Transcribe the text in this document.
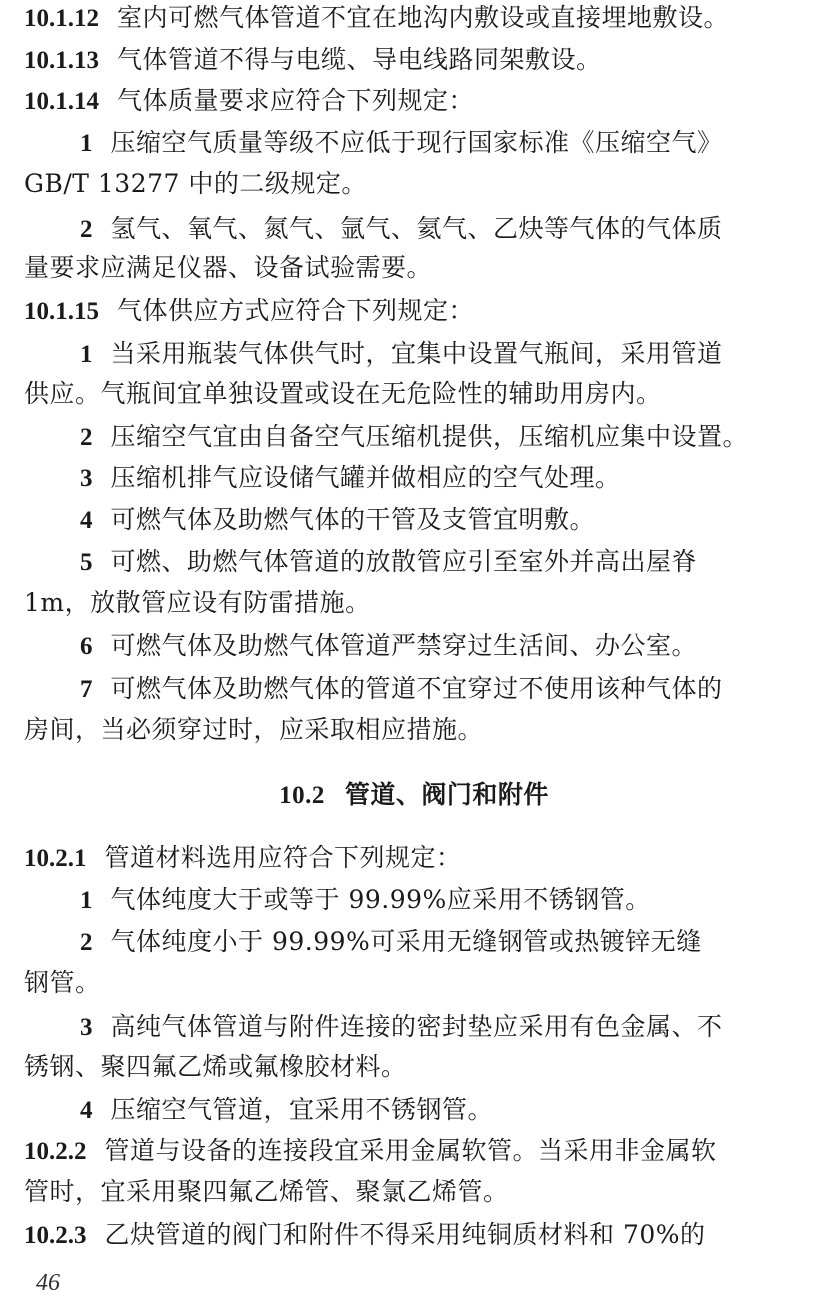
10.1.12 室内可燃气体管道不宜在地沟内敷设或直接埋地敷设。
10.1.13 气体管道不得与电缆、导电线路同架敷设。
10.1.14 气体质量要求应符合下列规定：
1 压缩空气质量等级不应低于现行国家标准《压缩空气》
GB/T 13277 中的二级规定。
2 氢气、氧气、氮气、氩气、氦气、乙炔等气体的气体质
量要求应满足仪器、设备试验需要。
10.1.15 气体供应方式应符合下列规定：
1 当采用瓶装气体供气时，宜集中设置气瓶间，采用管道
供应。气瓶间宜单独设置或设在无危险性的辅助用房内。
2 压缩空气宜由自备空气压缩机提供，压缩机应集中设置。
3 压缩机排气应设储气罐并做相应的空气处理。
4 可燃气体及助燃气体的干管及支管宜明敷。
5 可燃、助燃气体管道的放散管应引至室外并高出屋脊
1m，放散管应设有防雷措施。
6 可燃气体及助燃气体管道严禁穿过生活间、办公室。
7 可燃气体及助燃气体的管道不宜穿过不使用该种气体的
房间，当必须穿过时，应采取相应措施。
10.2 管道、阀门和附件
10.2.1 管道材料选用应符合下列规定：
1 气体纯度大于或等于 99.99%应采用不锈钢管。
2 气体纯度小于 99.99%可采用无缝钢管或热镀锌无缝
钢管。
3 高纯气体管道与附件连接的密封垫应采用有色金属、不
锈钢、聚四氟乙烯或氟橡胶材料。
4 压缩空气管道，宜采用不锈钢管。
10.2.2 管道与设备的连接段宜采用金属软管。当采用非金属软
管时，宜采用聚四氟乙烯管、聚氯乙烯管。
10.2.3 乙炔管道的阀门和附件不得采用纯铜质材料和 70%的
46
